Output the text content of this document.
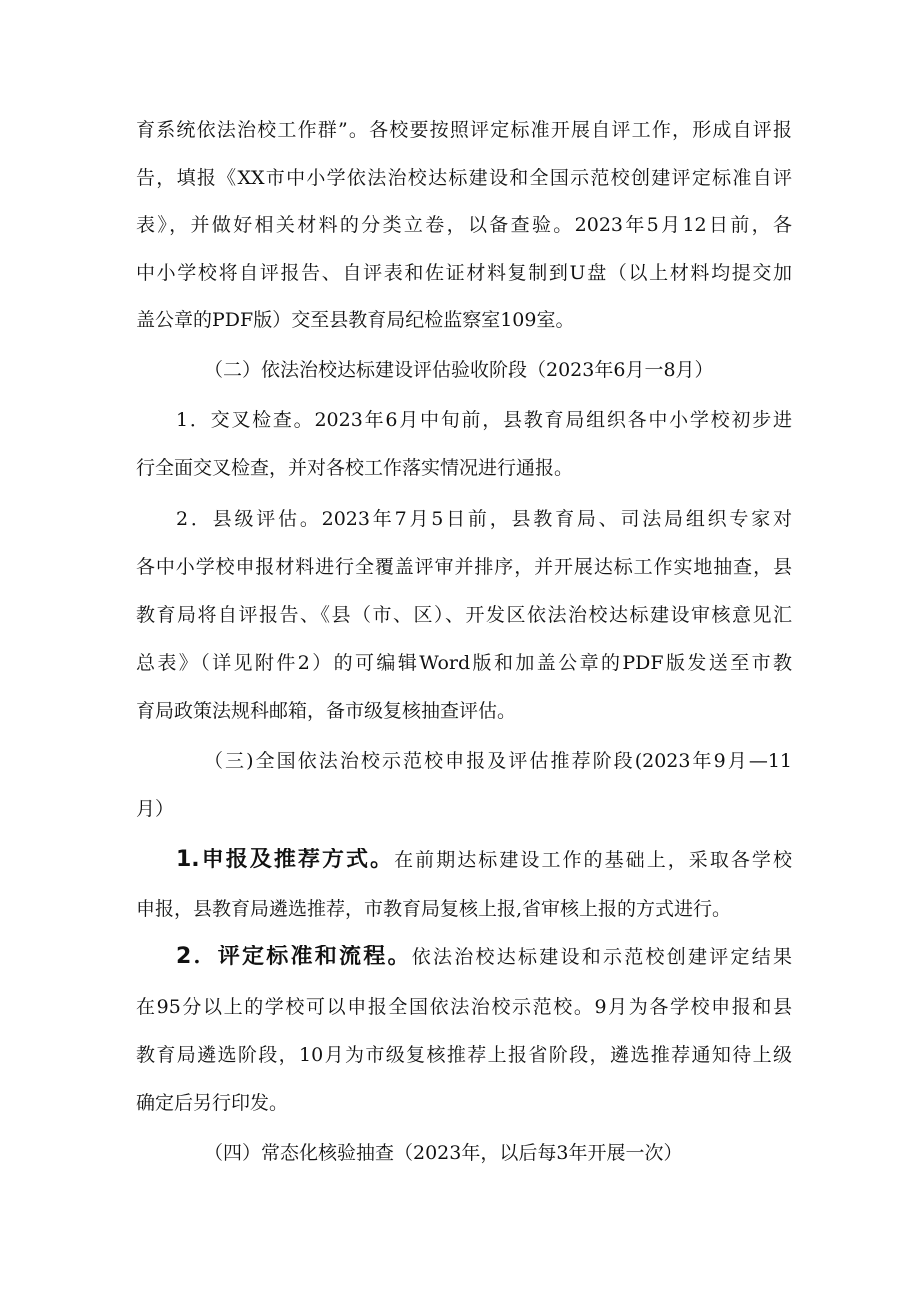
育系统依法治校工作群”。各校要按照评定标准开展自评工作，形成自评报
告，填报《XX市中小学依法治校达标建设和全国示范校创建评定标准自评
表》，并做好相关材料的分类立卷，以备查验。2023年5月12日前，各
中小学校将自评报告、自评表和佐证材料复制到U盘（以上材料均提交加
盖公章的PDF版）交至县教育局纪检监察室109室。
（二）依法治校达标建设评估验收阶段（2023年6月一8月）
1．交叉检查。2023年6月中旬前，县教育局组织各中小学校初步进
行全面交叉检查，并对各校工作落实情况进行通报。
2．县级评估。2023年7月5日前，县教育局、司法局组织专家对
各中小学校申报材料进行全覆盖评审并排序，并开展达标工作实地抽查，县
教育局将自评报告、《县（市、区）、开发区依法治校达标建设审核意见汇
总表》（详见附件2）的可编辑Word版和加盖公章的PDF版发送至市教
育局政策法规科邮箱，备市级复核抽查评估。
（三)全国依法治校示范校申报及评估推荐阶段(2023年9月—11
月）
1.申报及推荐方式。在前期达标建设工作的基础上，采取各学校
申报，县教育局遴选推荐，市教育局复核上报,省审核上报的方式进行。
2．评定标准和流程。依法治校达标建设和示范校创建评定结果
在95分以上的学校可以申报全国依法治校示范校。9月为各学校申报和县
教育局遴选阶段，10月为市级复核推荐上报省阶段，遴选推荐通知待上级
确定后另行印发。
（四）常态化核验抽查（2023年，以后每3年开展一次）
